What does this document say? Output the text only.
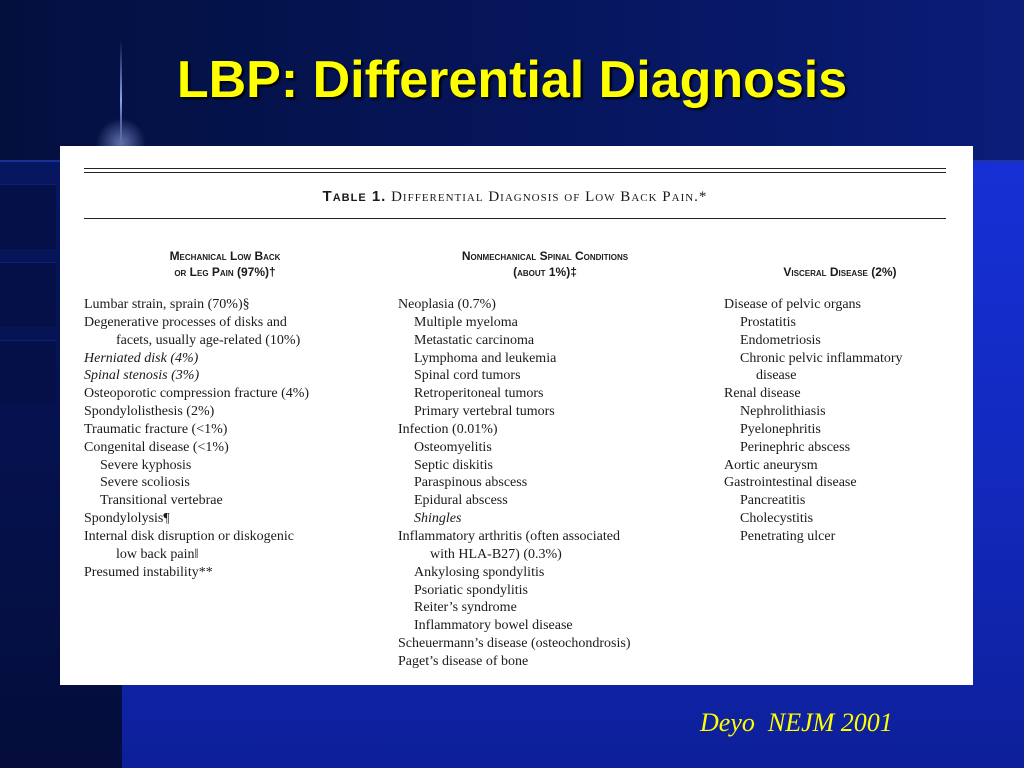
LBP: Differential Diagnosis
Table 1. Differential Diagnosis of Low Back Pain.*
Mechanical Low Back
or Leg Pain (97%)†
Nonmechanical Spinal Conditions
(about 1%)‡	Visceral Disease (2%)
Lumbar strain, sprain (70%)§
Degenerative processes of disks and
facets, usually age-related (10%)
Herniated disk (4%)
Spinal stenosis (3%)
Osteoporotic compression fracture (4%)
Spondylolisthesis (2%)
Traumatic fracture (<1%)
Congenital disease (<1%)
Severe kyphosis
Severe scoliosis
Transitional vertebrae
Spondylolysis¶
Internal disk disruption or diskogenic
low back pain‖
Presumed instability**
Neoplasia (0.7%)
Multiple myeloma
Metastatic carcinoma
Lymphoma and leukemia
Spinal cord tumors
Retroperitoneal tumors
Primary vertebral tumors
Infection (0.01%)
Osteomyelitis
Septic diskitis
Paraspinous abscess
Epidural abscess
Shingles
Inflammatory arthritis (often associated
with HLA-B27) (0.3%)
Ankylosing spondylitis
Psoriatic spondylitis
Reiter’s syndrome
Inflammatory bowel disease
Scheuermann’s disease (osteochondrosis)
Paget’s disease of bone
Disease of pelvic organs
Prostatitis
Endometriosis
Chronic pelvic inflammatory
disease
Renal disease
Nephrolithiasis
Pyelonephritis
Perinephric abscess
Aortic aneurysm
Gastrointestinal disease
Pancreatitis
Cholecystitis
Penetrating ulcer
Deyo  NEJM 2001
